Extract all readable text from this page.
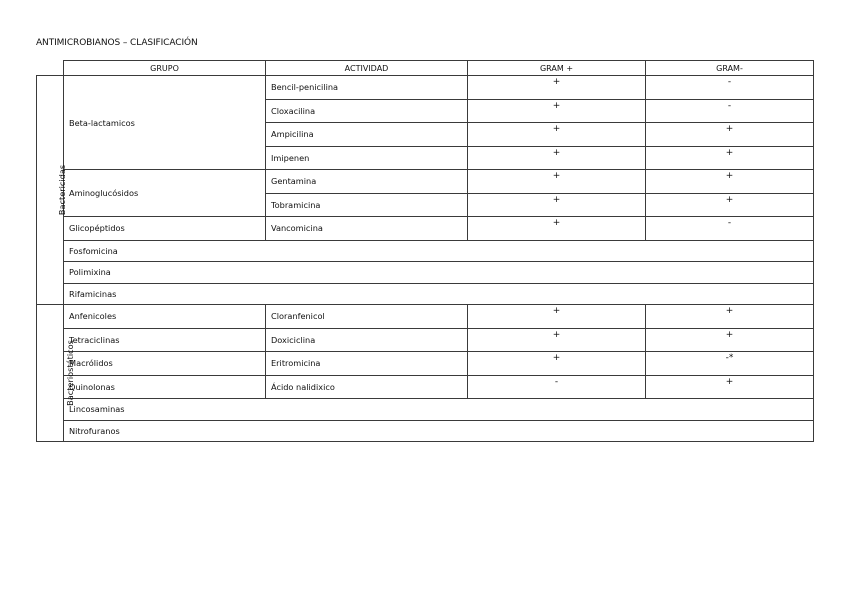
ANTIMICROBIANOS – CLASIFICACIÓN
	GRUPO	ACTIVIDAD	GRAM +	GRAM-
Bactericidas	Beta-lactamicos	Bencil-penicilina	+	-
		Cloxacilina	+	-
		Ampicilina	+	+
		Imipenen	+	+
	Aminoglucósidos	Gentamina	+	+
		Tobramicina	+	+
	Glicopéptidos	Vancomicina	+	-
	Fosfomicina			
	Polimixina			
	Rifamicinas			
Bacteriostáticos	Anfenicoles	Cloranfenicol	+	+
	Tetraciclinas	Doxiciclina	+	+
	Macrólidos	Eritromicina	+	-*
	Quinolonas	Ácido nalidixico	-	+
	Lincosaminas			
	Nitrofuranos			
